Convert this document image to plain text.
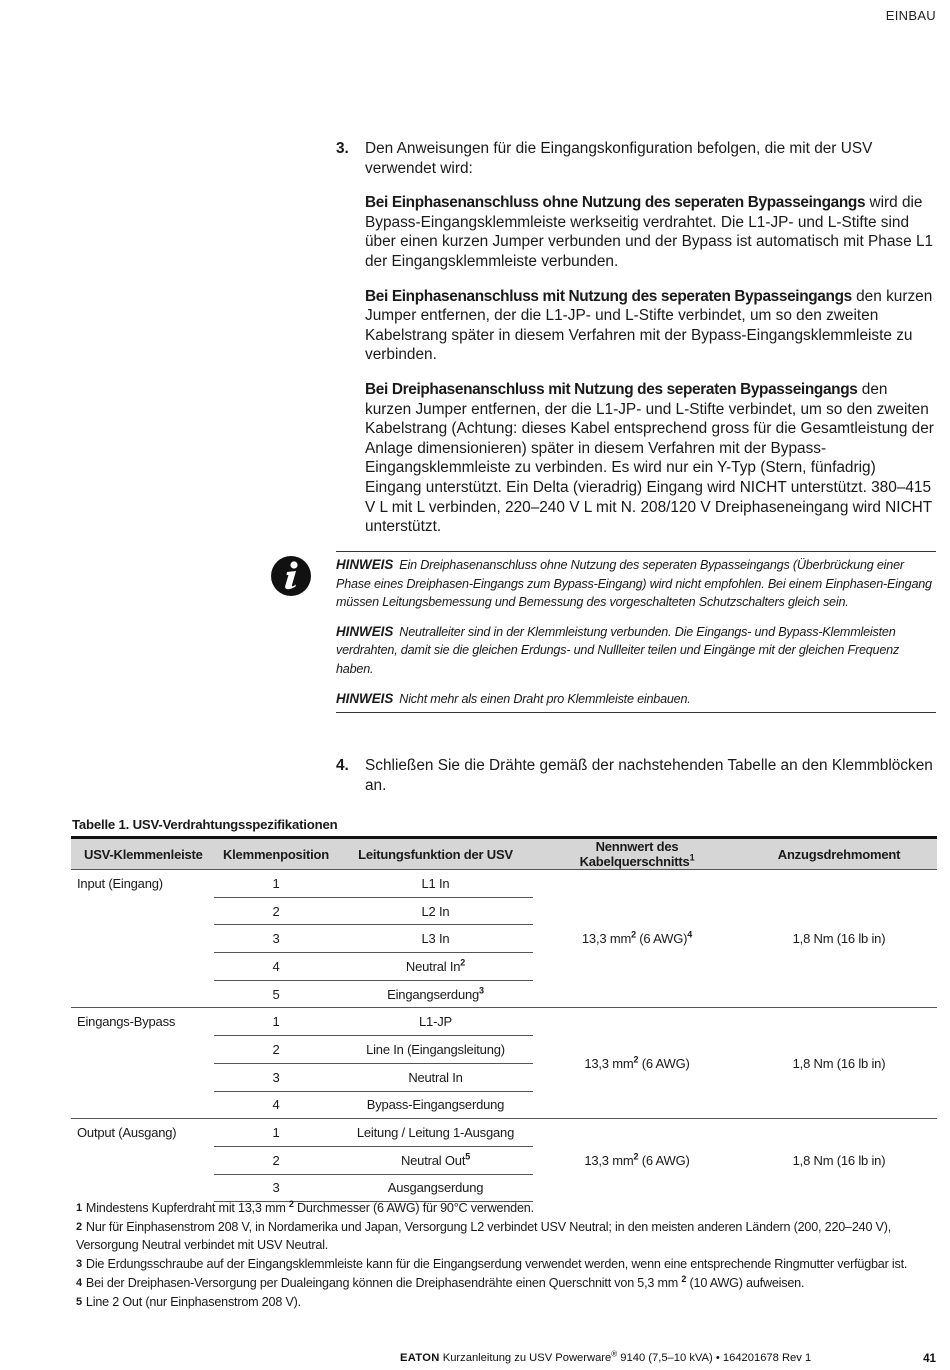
EINBAU
3. Den Anweisungen für die Eingangskonfiguration befolgen, die mit der USV verwendet wird:
Bei Einphasenanschluss ohne Nutzung des seperaten Bypasseingangs wird die Bypass-Eingangsklemmleiste werkseitig verdrahtet. Die L1-JP- und L-Stifte sind über einen kurzen Jumper verbunden und der Bypass ist automatisch mit Phase L1 der Eingangsklemmleiste verbunden.
Bei Einphasenanschluss mit Nutzung des seperaten Bypasseingangs den kurzen Jumper entfernen, der die L1-JP- und L-Stifte verbindet, um so den zweiten Kabelstrang später in diesem Verfahren mit der Bypass-Eingangsklemmleiste zu verbinden.
Bei Dreiphasenanschluss mit Nutzung des seperaten Bypasseingangs den kurzen Jumper entfernen, der die L1-JP- und L-Stifte verbindet, um so den zweiten Kabelstrang (Achtung: dieses Kabel entsprechend gross für die Gesamtleistung der Anlage dimensionieren) später in diesem Verfahren mit der Bypass-Eingangsklemmleiste zu verbinden. Es wird nur ein Y-Typ (Stern, fünfadrig) Eingang unterstützt. Ein Delta (vieradrig) Eingang wird NICHT unterstützt. 380–415 V L mit L verbinden, 220–240 V L mit N. 208/120 V Dreiphaseneingang wird NICHT unterstützt.
HINWEIS Ein Dreiphasenanschluss ohne Nutzung des seperaten Bypasseingangs (Überbrückung einer Phase eines Dreiphasen-Eingangs zum Bypass-Eingang) wird nicht empfohlen. Bei einem Einphasen-Eingang müssen Leitungsbemessung und Bemessung des vorgeschalteten Schutzschalters gleich sein.
HINWEIS Neutralleiter sind in der Klemmleistung verbunden. Die Eingangs- und Bypass-Klemmleisten verdrahten, damit sie die gleichen Erdungs- und Nullleiter teilen und Eingänge mit der gleichen Frequenz haben.
HINWEIS Nicht mehr als einen Draht pro Klemmleiste einbauen.
4. Schließen Sie die Drähte gemäß der nachstehenden Tabelle an den Klemmblöcken an.
Tabelle 1. USV-Verdrahtungsspezifikationen
USV-Klemmenleiste	Klemmenposition	Leitungsfunktion der USV	Nennwert des Kabelquerschnitts$^1$	Anzugsdrehmoment
Input (Eingang)	1	L1 In	13,3 $mm^2$ (6 AWG)$^4$	1,8 Nm (16 lb in)
	2	L2 In		
	3	L3 In		
	4	Neutral In$^2$
	5	Eingangserdung$^3$
Eingangs-Bypass	1	L1-JP	13,3 $mm^2$ (6 AWG)	1,8 Nm (16 lb in)
	2	Line In (Eingangsleitung)		
	3	Neutral In		
	4	Bypass-Eingangserdung		
Output (Ausgang)	1	Leitung / Leitung 1-Ausgang	13,3 $mm^2$ (6 AWG)	1,8 Nm (16 lb in)
	2	Neutral Out$^5$
	3	Ausgangserdung		
1 Mindestens Kupferdraht mit 13,3 mm $^2$ Durchmesser (6 AWG) für 90°C verwenden.
2 Nur für Einphasenstrom 208 V, in Nordamerika und Japan, Versorgung L2 verbindet USV Neutral; in den meisten anderen Ländern (200, 220–240 V), Versorgung Neutral verbindet mit USV Neutral.
3 Die Erdungsschraube auf der Eingangsklemmleiste kann für die Eingangserdung verwendet werden, wenn eine entsprechende Ringmutter verfügbar ist.
4 Bei der Dreiphasen-Versorgung per Dualeingang können die Dreiphasendrähte einen Querschnitt von 5,3 mm $^2$ (10 AWG) aufweisen.
5 Line 2 Out (nur Einphasenstrom 208 V).
EATON Kurzanleitung zu USV Powerware® 9140 (7,5–10 kVA) • 164201678 Rev 1	41
